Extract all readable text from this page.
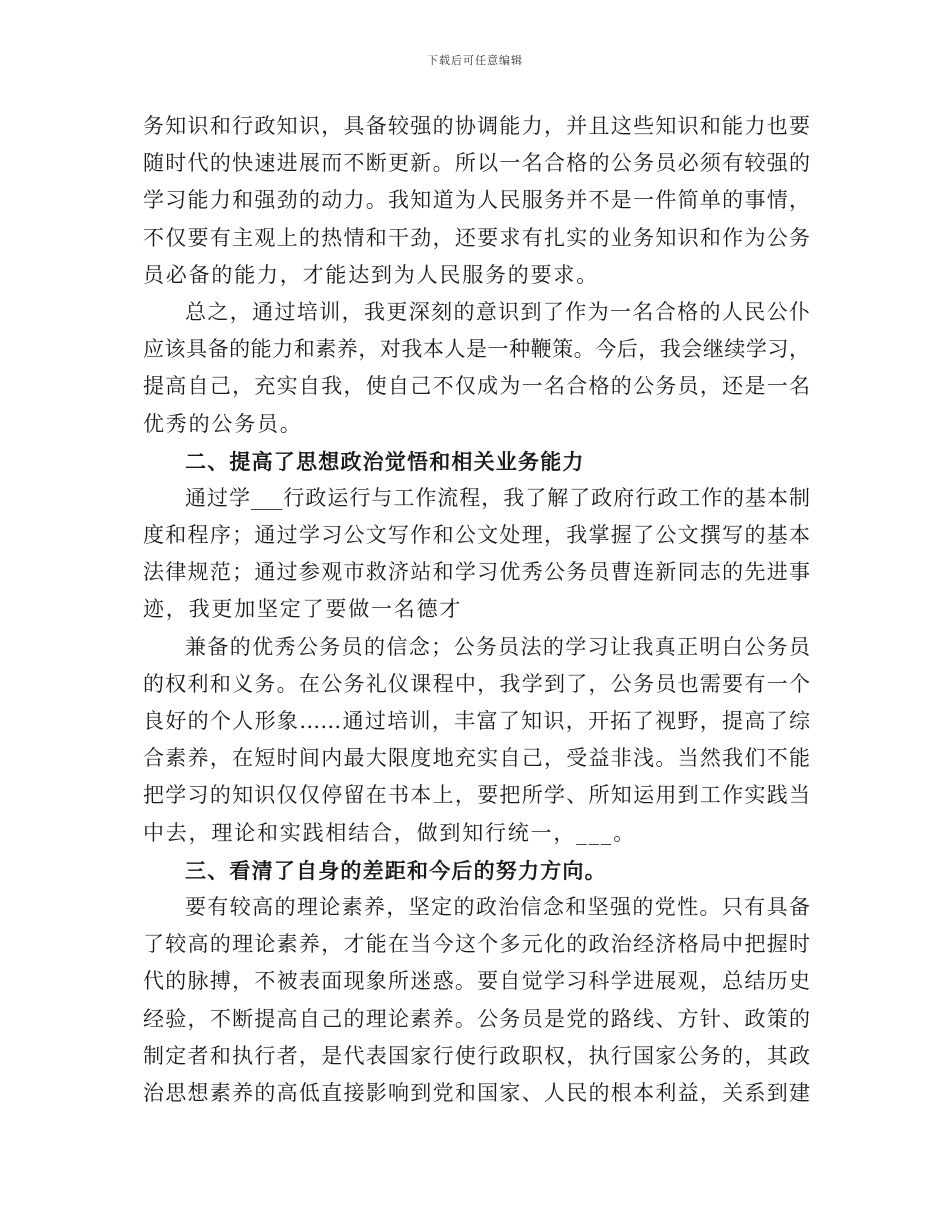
下载后可任意编辑
务知识和行政知识，具备较强的协调能力，并且这些知识和能力也要
随时代的快速进展而不断更新。所以一名合格的公务员必须有较强的
学习能力和强劲的动力。我知道为人民服务并不是一件简单的事情，
不仅要有主观上的热情和干劲，还要求有扎实的业务知识和作为公务
员必备的能力，才能达到为人民服务的要求。
总之，通过培训，我更深刻的意识到了作为一名合格的人民公仆
应该具备的能力和素养，对我本人是一种鞭策。今后，我会继续学习，
提高自己，充实自我，使自己不仅成为一名合格的公务员，还是一名
优秀的公务员。
二、提高了思想政治觉悟和相关业务能力
通过学___行政运行与工作流程，我了解了政府行政工作的基本制
度和程序；通过学习公文写作和公文处理，我掌握了公文撰写的基本
法律规范；通过参观市救济站和学习优秀公务员曹连新同志的先进事
迹，我更加坚定了要做一名德才
兼备的优秀公务员的信念；公务员法的学习让我真正明白公务员
的权利和义务。在公务礼仪课程中，我学到了，公务员也需要有一个
良好的个人形象……通过培训，丰富了知识，开拓了视野，提高了综
合素养，在短时间内最大限度地充实自己，受益非浅。当然我们不能
把学习的知识仅仅停留在书本上，要把所学、所知运用到工作实践当
中去，理论和实践相结合，做到知行统一，___。
三、看清了自身的差距和今后的努力方向。
要有较高的理论素养，坚定的政治信念和坚强的党性。只有具备
了较高的理论素养，才能在当今这个多元化的政治经济格局中把握时
代的脉搏，不被表面现象所迷惑。要自觉学习科学进展观，总结历史
经验，不断提高自己的理论素养。公务员是党的路线、方针、政策的
制定者和执行者，是代表国家行使行政职权，执行国家公务的，其政
治思想素养的高低直接影响到党和国家、人民的根本利益，关系到建
